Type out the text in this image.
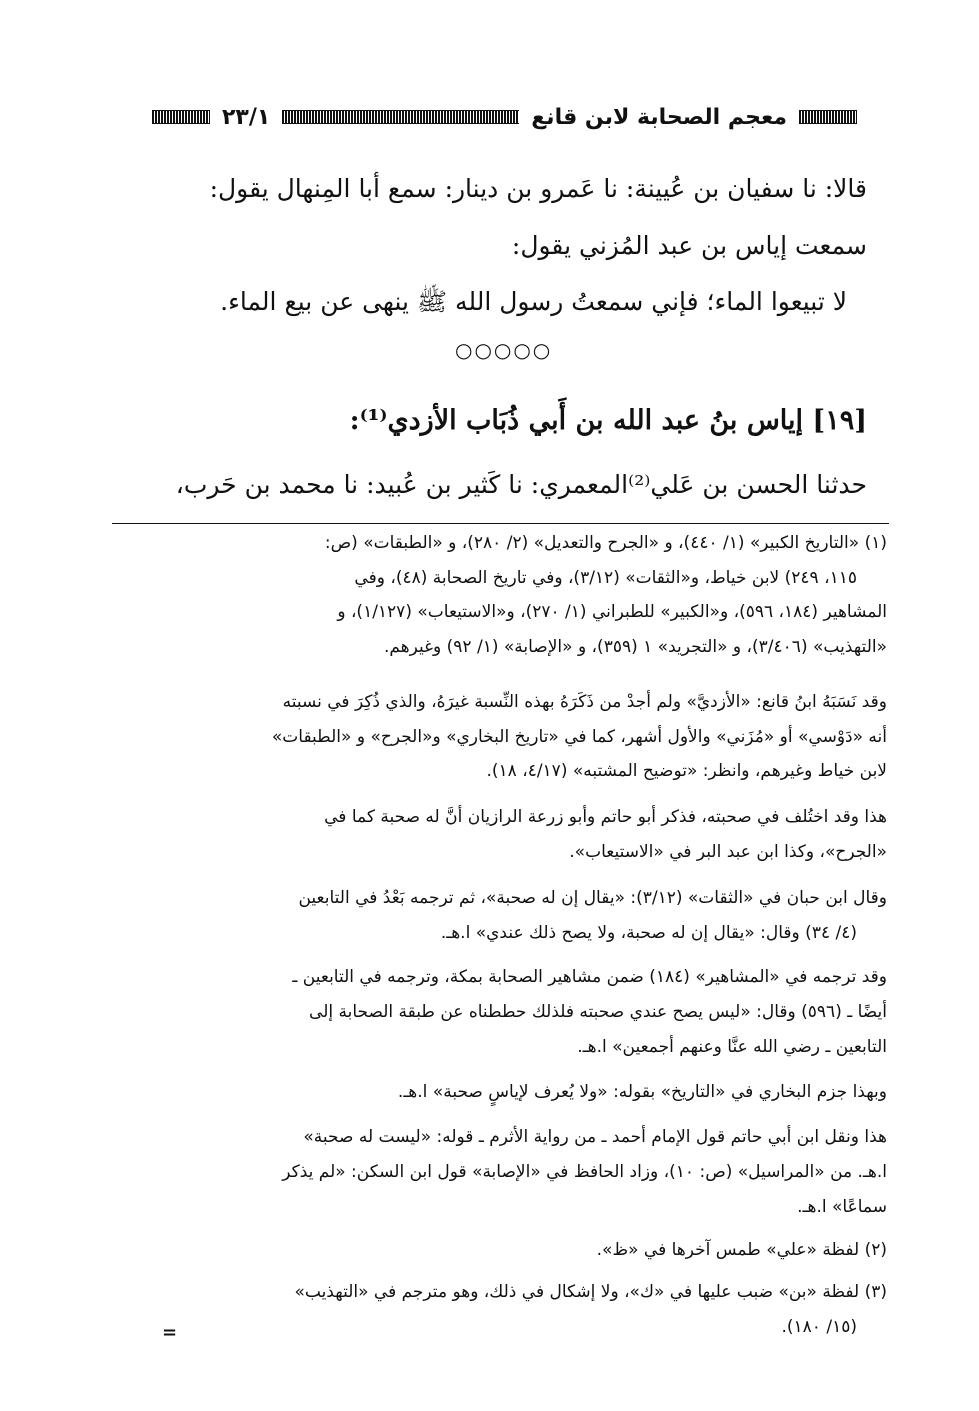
معجم الصحابة لابن قانع
٢٣/١
قالا: نا سفيان بن عُيينة: نا عَمرو بن دينار: سمع أبا المِنهال يقول:
سمعت إياس بن عبد المُزني يقول:
لا تبيعوا الماء؛ فإني سمعتُ رسول الله ﷺ ينهى عن بيع الماء.
○○○○○
[١٩] إياس بنُ عبد الله بن أَبي ذُبَاب الأزدي⁽¹⁾:
حدثنا الحسن بن عَلي⁽²⁾المعمري: نا كَثير بن عُبيد: نا محمد بن حَرب،
(١) «التاريخ الكبير» (١/ ٤٤٠)، و «الجرح والتعديل» (٢/ ٢٨٠)، و «الطبقات» (ص:
١١٥، ٢٤٩) لابن خياط، و«الثقات» (٣/١٢)، وفي تاريخ الصحابة (٤٨)، وفي
المشاهير (١٨٤، ٥٩٦)، و«الكبير» للطبراني (١/ ٢٧٠)، و«الاستيعاب» (١/١٢٧)، و
«التهذيب» (٣/٤٠٦)، و «التجريد» ١ (٣٥٩)، و «الإصابة» (١/ ٩٢) وغيرهم.
وقد نَسَبَهُ ابنُ قانع: «الأزديَّ» ولم أجدْ من ذَكَرَهُ بهذه النِّسبة غيرَهُ، والذي ذُكِرَ في نسبته
أنه «دَوْسي» أو «مُزَني» والأول أشهر، كما في «تاريخ البخاري» و«الجرح» و «الطبقات»
لابن خياط وغيرهم، وانظر: «توضيح المشتبه» (٤/١٧، ١٨).
هذا وقد اختُلف في صحبته، فذكر أبو حاتم وأبو زرعة الرازيان أنَّ له صحبة كما في
«الجرح»، وكذا ابن عبد البر في «الاستيعاب».
وقال ابن حبان في «الثقات» (٣/١٢): «يقال إن له صحبة»، ثم ترجمه بَعْدُ في التابعين
(٤/ ٣٤) وقال: «يقال إن له صحبة، ولا يصح ذلك عندي» ا.هـ.
وقد ترجمه في «المشاهير» (١٨٤) ضمن مشاهير الصحابة بمكة، وترجمه في التابعين ـ
أيضًا ـ (٥٩٦) وقال: «ليس يصح عندي صحبته فلذلك حططناه عن طبقة الصحابة إلى
التابعين ـ رضي الله عنَّا وعنهم أجمعين» ا.هـ.
وبهذا جزم البخاري في «التاريخ» بقوله: «ولا يُعرف لإياسٍ صحبة» ا.هـ.
هذا ونقل ابن أبي حاتم قول الإمام أحمد ـ من رواية الأثرم ـ قوله: «ليست له صحبة»
ا.هـ. من «المراسيل» (ص: ١٠)، وزاد الحافظ في «الإصابة» قول ابن السكن: «لم يذكر
سماعًا» ا.هـ.
(٢) لفظة «علي» طمس آخرها في «ظ».
(٣) لفظة «بن» ضبب عليها في «ك»، ولا إشكال في ذلك، وهو مترجم في «التهذيب»
(١٥/ ١٨٠).
=
